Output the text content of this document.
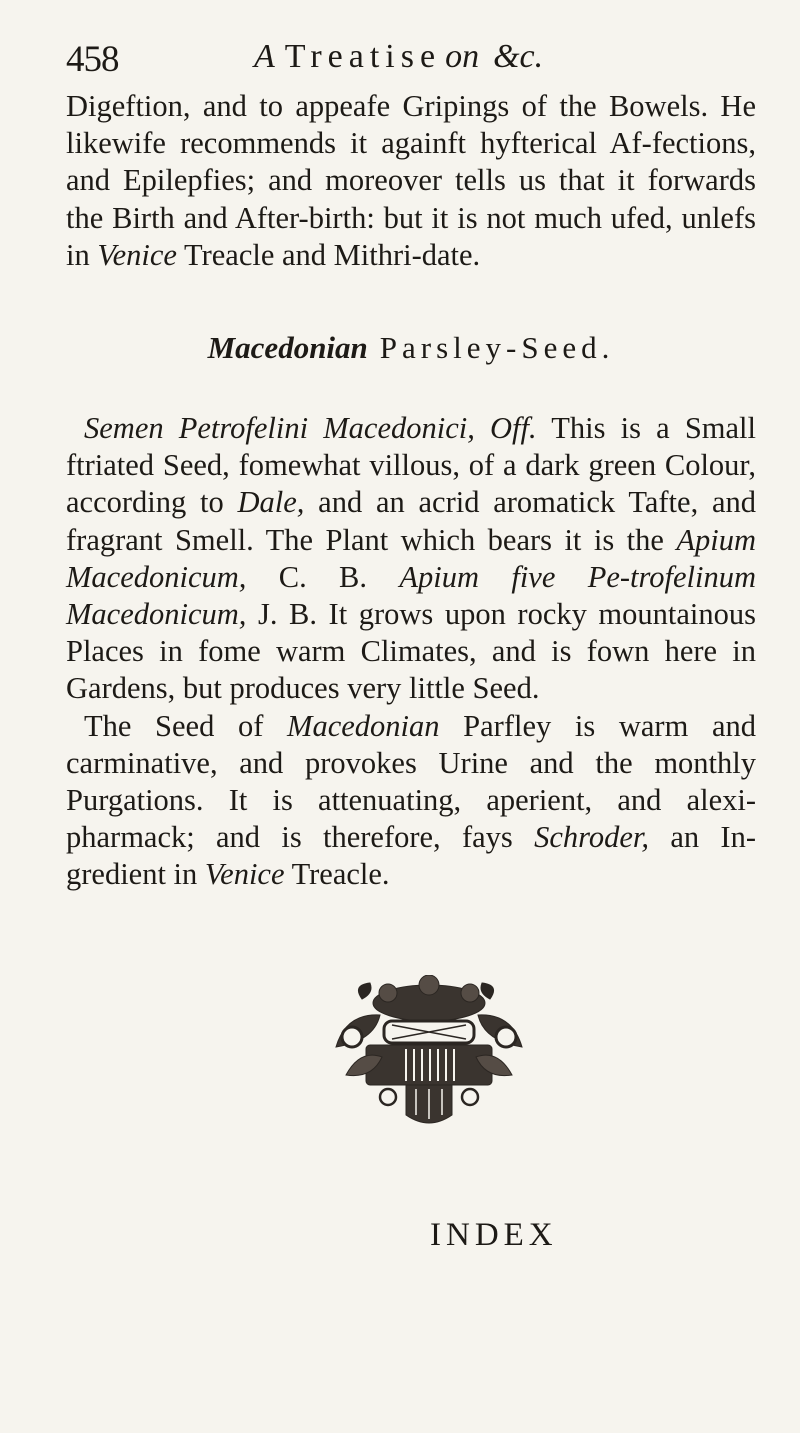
458	A Treatise on &c.
Digeftion, and to appeafe Gripings of the Bowels. He likewife recommends it againft hyfterical Af-fections, and Epilepfies; and moreover tells us that it forwards the Birth and After-birth: but it is not much ufed, unlefs in Venice Treacle and Mithri-date.
Macedonian Parsley-Seed.
Semen Petrofelini Macedonici, Off. This is a Small ftriated Seed, fomewhat villous, of a dark green Colour, according to Dale, and an acrid aromatick Tafte, and fragrant Smell. The Plant which bears it is the Apium Macedonicum, C. B. Apium five Pe-trofelinum Macedonicum, J. B. It grows upon rocky mountainous Places in fome warm Climates, and is fown here in Gardens, but produces very little Seed.
The Seed of Macedonian Parfley is warm and carminative, and provokes Urine and the monthly Purgations. It is attenuating, aperient, and alexi-pharmack; and is therefore, fays Schroder, an In-gredient in Venice Treacle.
INDEX
